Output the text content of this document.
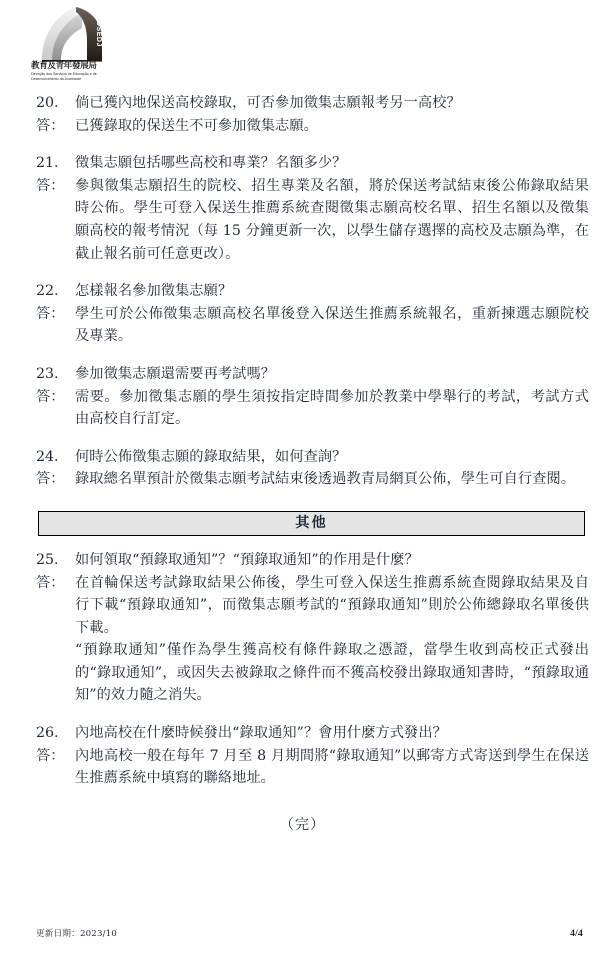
DSEDJ
教育及青年發展局
Direcção dos Serviços de Educação e de Desenvolvimento da Juventude
20.	倘已獲內地保送高校錄取，可否參加徵集志願報考另一高校？
答： 已獲錄取的保送生不可參加徵集志願。
21.	徵集志願包括哪些高校和專業？名額多少？
答： 參與徵集志願招生的院校、招生專業及名額，將於保送考試結束後公佈錄取結果時公佈。學生可登入保送生推薦系統查閱徵集志願高校名單、招生名額以及徵集願高校的報考情況（每 15 分鐘更新一次，以學生儲存選擇的高校及志願為準，在截止報名前可任意更改）。
22.	怎樣報名參加徵集志願？
答： 學生可於公佈徵集志願高校名單後登入保送生推薦系統報名，重新揀選志願院校及專業。
23.	參加徵集志願還需要再考試嗎？
答： 需要。參加徵集志願的學生須按指定時間參加於教業中學舉行的考試，考試方式由高校自行訂定。
24.	何時公佈徵集志願的錄取結果，如何查詢？
答： 錄取總名單預計於徵集志願考試結束後透過教青局網頁公佈，學生可自行查閱。
其他
25.	如何領取“預錄取通知”？“預錄取通知”的作用是什麼？
答： 在首輪保送考試錄取結果公佈後，學生可登入保送生推薦系統查閱錄取結果及自行下載“預錄取通知”，而徵集志願考試的“預錄取通知”則於公佈總錄取名單後供下載。
“預錄取通知”僅作為學生獲高校有條件錄取之憑證，當學生收到高校正式發出的“錄取通知”，或因失去被錄取之條件而不獲高校發出錄取通知書時，“預錄取通知”的效力隨之消失。
26.	內地高校在什麼時候發出“錄取通知”？會用什麼方式發出？
答： 內地高校一般在每年 7 月至 8 月期間將“錄取通知”以郵寄方式寄送到學生在保送生推薦系統中填寫的聯絡地址。
（完）
更新日期：2023/10	4/4
